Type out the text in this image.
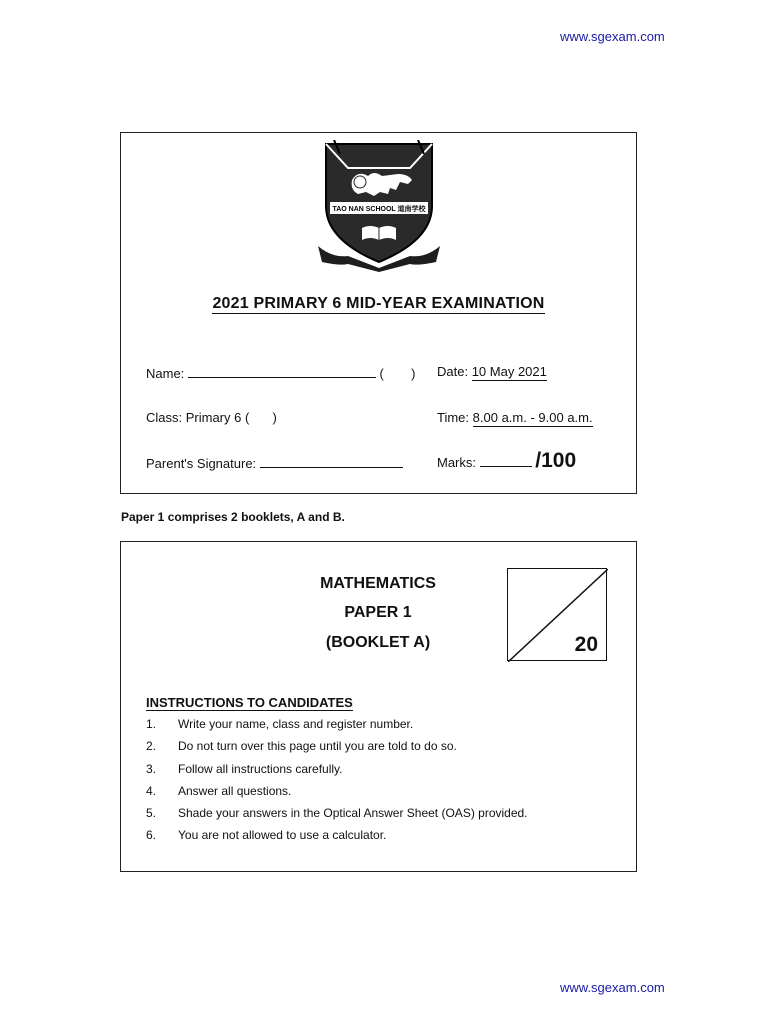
www.sgexam.com
TAO NAN SCHOOL 道南学校
2021 PRIMARY 6 MID-YEAR EXAMINATION
Name:	( ) Date: 10 May 2021
Class: Primary 6 ( )	Time: 8.00 a.m. - 9.00 a.m.
Parent's Signature:	Marks:	/100
Paper 1 comprises 2 booklets, A and B.
MATHEMATICS
PAPER 1
(BOOKLET A)	20
INSTRUCTIONS TO CANDIDATES
1. Write your name, class and register number.
2. Do not turn over this page until you are told to do so.
3. Follow all instructions carefully.
4. Answer all questions.
5. Shade your answers in the Optical Answer Sheet (OAS) provided.
6. You are not allowed to use a calculator.
www.sgexam.com
